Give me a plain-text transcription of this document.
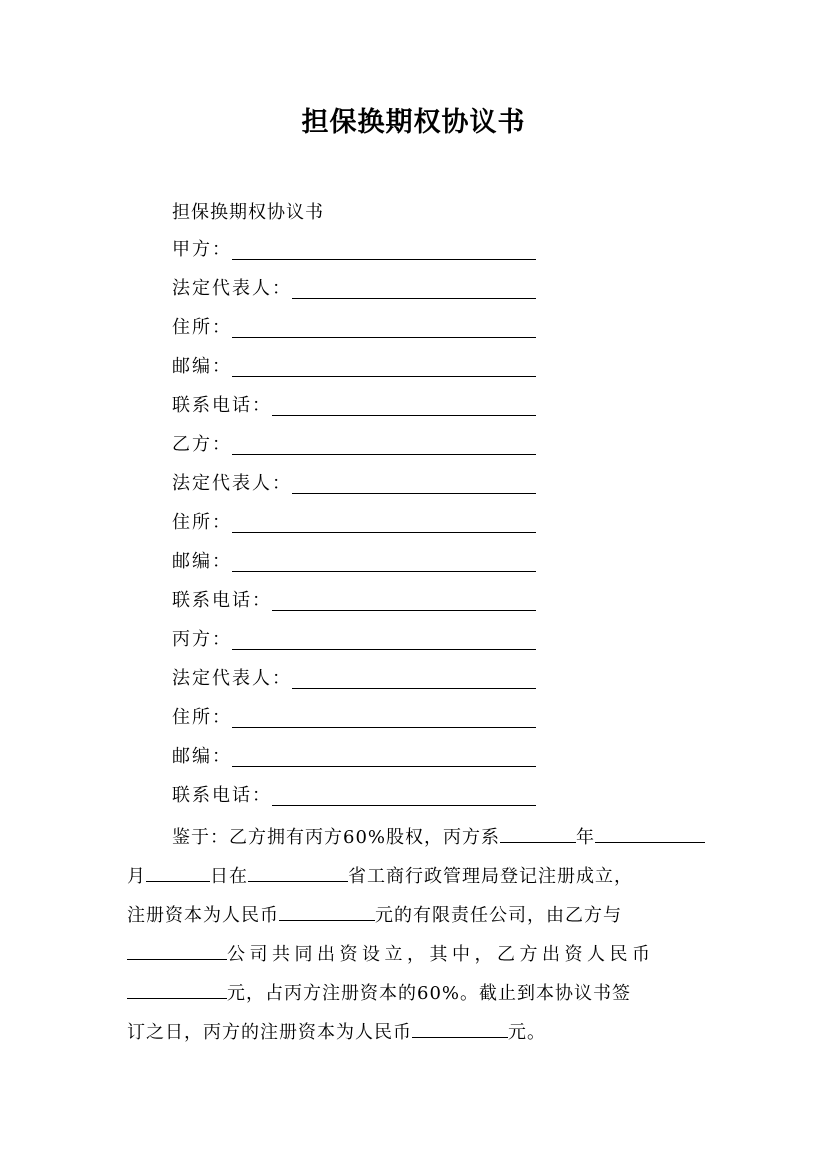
担保换期权协议书
担保换期权协议书
甲方：
法定代表人：
住所：
邮编：
联系电话：
乙方：
法定代表人：
住所：
邮编：
联系电话：
丙方：
法定代表人：
住所：
邮编：
联系电话：
鉴于：乙方拥有丙方60%股权，丙方系	年
月	日在	省工商行政管理局登记注册成立，
注册资本为人民币	元的有限责任公司，由乙方与
公司共同出资设立，其中，乙方出资人民币
元，占丙方注册资本的60%。截止到本协议书签
订之日，丙方的注册资本为人民币	元。
